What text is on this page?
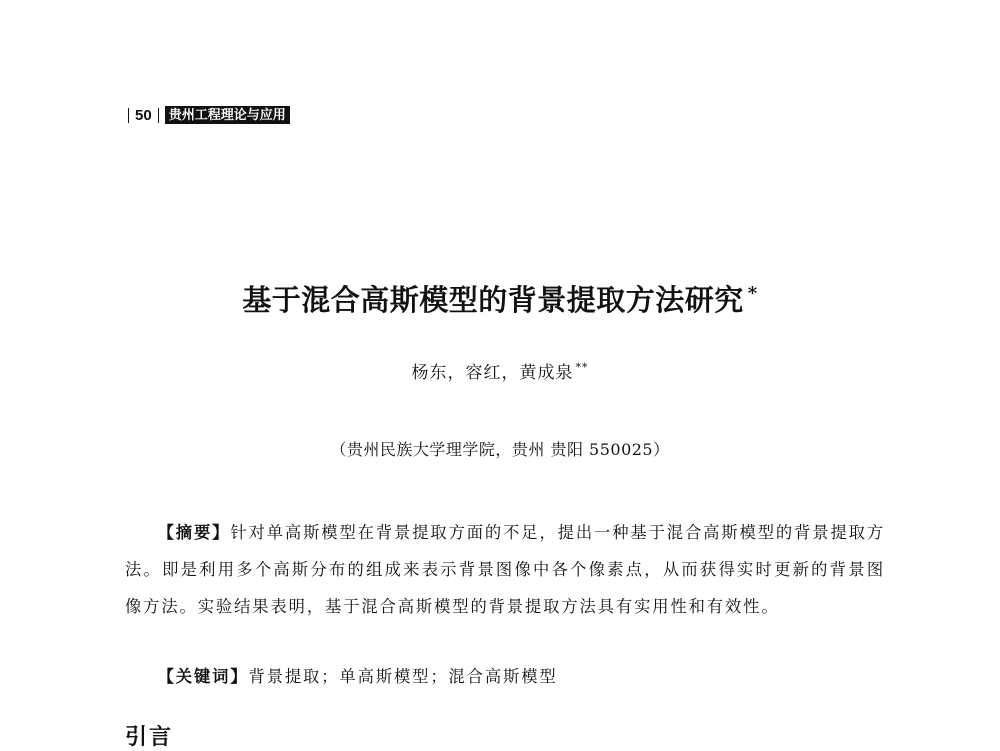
50	贵州工程理论与应用
基于混合高斯模型的背景提取方法研究 *
杨东，容红，黄成泉 **
（贵州民族大学理学院，贵州 贵阳 550025）
【摘要】针对单高斯模型在背景提取方面的不足，提出一种基于混合高斯模型的背景提取方法。即是利用多个高斯分布的组成来表示背景图像中各个像素点，从而获得实时更新的背景图像方法。实验结果表明，基于混合高斯模型的背景提取方法具有实用性和有效性。
【关键词】背景提取；单高斯模型；混合高斯模型
引言
